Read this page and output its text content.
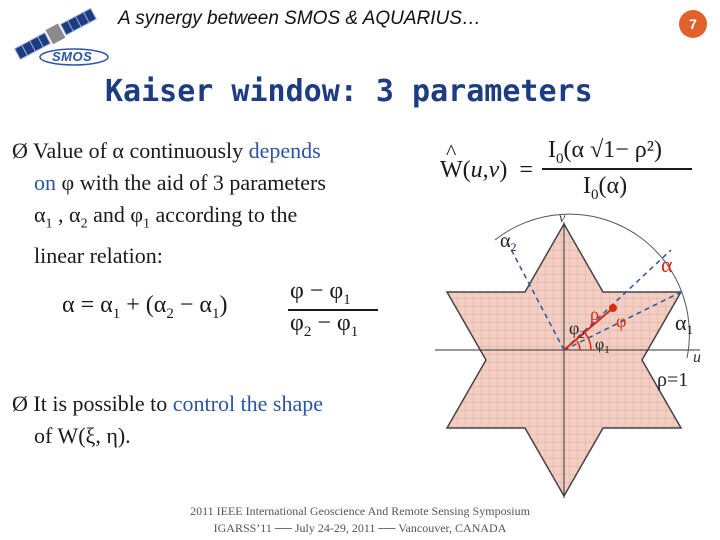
SMOS
A synergy between SMOS & AQUARIUS…	7
Kaiser window: 3 parameters
Ø Value of α continuously depends
on φ with the aid of 3 parameters
$\alpha_1$ , $\alpha_2$ and $\varphi_1$ according to the
linear relation:
$\alpha = \alpha_1 + (\alpha_2 - \alpha_1)$
$\varphi - \varphi_1$
$\varphi_2 - \varphi_1$
^
W(u,v) =
$I_0(\alpha$ √1− ρ²)
$I_0(\alpha)$
v
u
$\alpha_2$
α
α1
ρ φ
$\varphi_2$
$\varphi_1$
ρ=1
Ø It is possible to control the shape
of W(ξ, η).
2011 IEEE International Geoscience And Remote Sensing Symposium
IGARSS’11 ── July 24-29, 2011 ── Vancouver, CANADA
